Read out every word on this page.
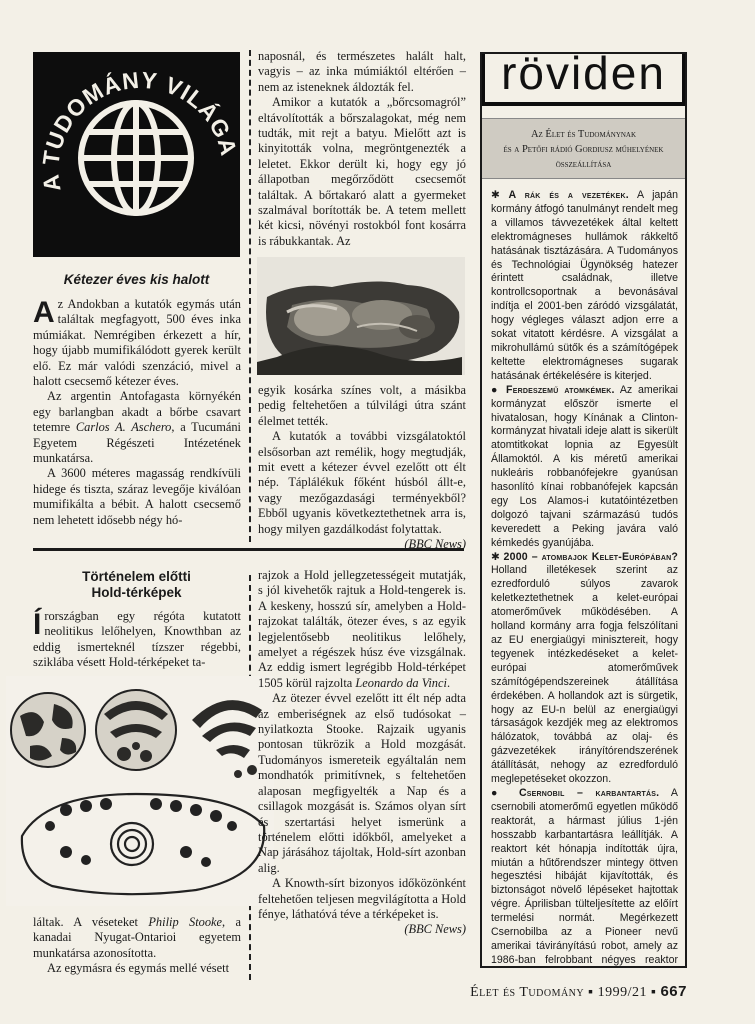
A TUDOMÁNY VILÁGA
Kétezer éves kis halott

Az Andokban a kutatók egymás után találtak megfagyott, 500 éves inka múmiákat. Nemrégiben érkezett a hír, hogy újabb mumifikálódott gyerek került elő. Ez már valódi szenzáció, mivel a halott csecsemő kétezer éves.

Az argentin Antofagasta környékén egy barlangban akadt a bőrbe csavart tetemre Carlos A. Aschero, a Tucumáni Egyetem Régészeti Intézetének munkatársa.

A 3600 méteres magasság rendkívüli hidege és tiszta, száraz levegője kiválóan mumifikálta a bébit. A halott csecsemő nem lehetett idősebb négy hó-

naposnál, és természetes halált halt, vagyis – az inka múmiáktól eltérően – nem az isteneknek áldozták fel.

Amikor a kutatók a „bőrcsomagról” eltávolították a bőrszalagokat, még nem tudták, mit rejt a batyu. Mielőtt azt is kinyitották volna, megröntgenezték a leletet. Ekkor derült ki, hogy egy jó állapotban megőrződött csecsemőt találtak. A bőrtakaró alatt a gyermeket szalmával borították be. A tetem mellett két kicsi, növényi rostokból font kosárra is rábukkantak. Az

egyik kosárka színes volt, a másikba pedig feltehetően a túlvilági útra szánt élelmet tették.

A kutatók a további vizsgálatoktól elsősorban azt remélik, hogy megtudják, mit evett a kétezer évvel ezelőtt ott élt nép. Táplálékuk főként húsból állt-e, vagy mezőgazdasági terményekből? Ebből ugyanis következtethetnek arra is, hogy milyen gazdálkodást folytattak.

(BBC News)

Történelem előtti
Hold-térképek

Írországban egy régóta kutatott neolitikus lelőhelyen, Knowthban az eddig ismerteknél tízszer régebbi, sziklába vésett Hold-térképeket ta-

láltak. A véseteket Philip Stooke, a kanadai Nyugat-Ontarioi egyetem munkatársa azonosította.

Az egymásra és egymás mellé vésett

rajzok a Hold jellegzetességeit mutatják, s jól kivehetők rajtuk a Hold-tengerek is. A keskeny, hosszú sír, amelyben a Hold-rajzokat találták, ötezer éves, s az egyik legjelentősebb neolitikus lelőhely, amelyet a régészek húsz éve vizsgálnak. Az eddig ismert legrégibb Hold-térképet 1505 körül rajzolta Leonardo da Vinci.

Az ötezer évvel ezelőtt itt élt nép adta az emberiségnek az első tudósokat – nyilatkozta Stooke. Rajzaik ugyanis pontosan tükrözik a Hold mozgását. Tudományos ismereteik egyáltalán nem mondhatók primitívnek, s feltehetően alaposan megfigyelték a Nap és a csillagok mozgását is. Számos olyan sírt és szertartási helyet ismerünk a történelem előtti időkből, amelyeket a Nap járásához tájoltak, Hold-sírt azonban alig.

A Knowth-sírt bizonyos időközönként feltehetően teljesen megvilágította a Hold fénye, láthatóvá téve a térképeket is.

(BBC News)

röviden
Az Élet és Tudománynak
és a Petőfi rádió Gordiusz műhelyének
összeállítása

✱ A rák és a vezetékek. A japán kormány átfogó tanulmányt rendelt meg a villamos távvezetékek által keltett elektromágneses hullámok rákkeltő hatásának tisztázására. A Tudományos és Technológiai Ügynökség hatezer érintett családnak, illetve kontrollcsoportnak a bevonásával indítja el 2001-ben záródó vizsgálatát, hogy végleges választ adjon erre a sokat vitatott kérdésre. A vizsgálat a mikrohullámú sütők és a számítógépek keltette elektromágneses sugarak hatásának értékelésére is kiterjed.

● Ferdeszemű atomkémek. Az amerikai kormányzat először ismerte el hivatalosan, hogy Kínának a Clinton-kormányzat hivatali ideje alatt is sikerült atomtitkokat lopnia az Egyesült Államoktól. A kis méretű amerikai nukleáris robbanófejekre gyanúsan hasonlító kínai robbanófejek kapcsán egy Los Alamos-i kutatóintézetben dolgozó tajvani származású tudós keveredett a Peking javára való kémkedés gyanújába.

✱ 2000 – atombajok Kelet-Európában? Holland illetékesek szerint az ezredforduló súlyos zavarok keletkeztethetnek a kelet-európai atomerőművek működésében. A holland kormány arra fogja felszólítani az EU energiaügyi minisztereit, hogy tegyenek intézkedéseket a kelet-európai atomerőművek számítógépendszereinek átállítása érdekében. A hollandok azt is sürgetik, hogy az EU-n belül az energiaügyi társaságok kezdjék meg az elektromos hálózatok, továbbá az olaj- és gázvezetékek irányítórendszerének átállítását, nehogy az ezredforduló meglepetéseket okozzon.

● Csernobil – karbantartás. A csernobili atomerőmű egyetlen működő reaktorát, a hármast július 1-jén hosszabb karbantartásra leállítják. A reaktort két hónapja indították újra, miután a hűtőrendszer mintegy öttven hegesztési hibáját kijavították, és biztonságot növelő lépéseket hajtottak végre. Áprilisban tülteljesítette az előírt termelési normát. Megérkezett Csernobilba az a Pioneer nevű amerikai távirányítású robot, amely az 1986-ban felrobbant négyes reaktor

Élet és Tudomány ▪ 1999/21 ▪ 667
